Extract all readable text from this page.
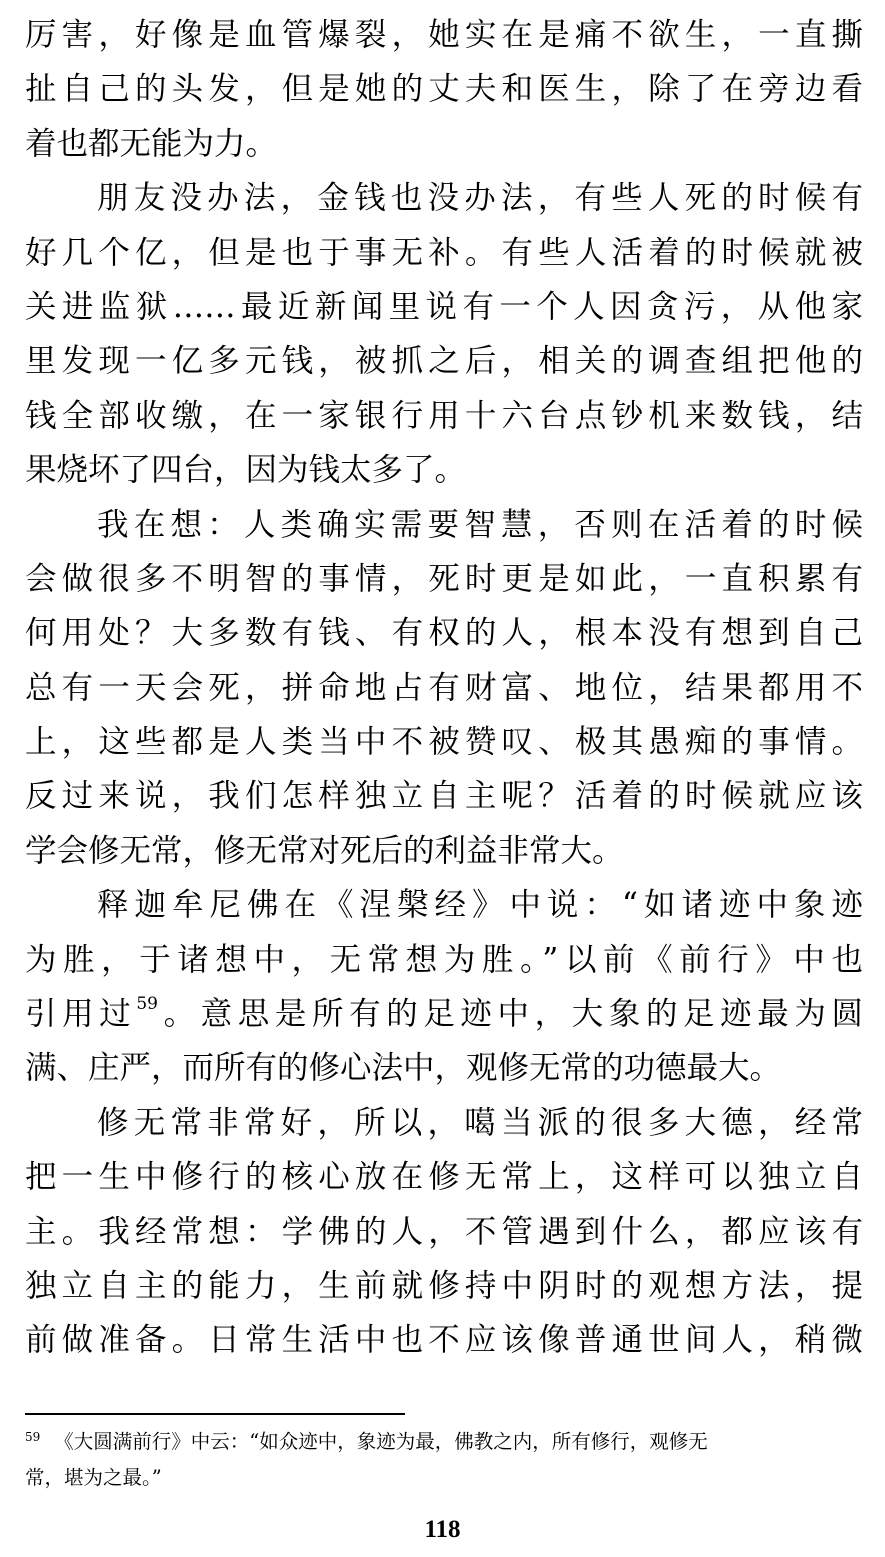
厉害，好像是血管爆裂，她实在是痛不欲生，一直撕
扯自己的头发，但是她的丈夫和医生，除了在旁边看
着也都无能为力。
朋友没办法，金钱也没办法，有些人死的时候有
好几个亿，但是也于事无补。有些人活着的时候就被
关进监狱……最近新闻里说有一个人因贪污，从他家
里发现一亿多元钱，被抓之后，相关的调查组把他的
钱全部收缴，在一家银行用十六台点钞机来数钱，结
果烧坏了四台，因为钱太多了。
我在想：人类确实需要智慧，否则在活着的时候
会做很多不明智的事情，死时更是如此，一直积累有
何用处？大多数有钱、有权的人，根本没有想到自己
总有一天会死，拼命地占有财富、地位，结果都用不
上，这些都是人类当中不被赞叹、极其愚痴的事情。
反过来说，我们怎样独立自主呢？活着的时候就应该
学会修无常，修无常对死后的利益非常大。
释迦牟尼佛在《涅槃经》中说：“如诸迹中象迹
为胜，于诸想中，无常想为胜。”以前《前行》中也
引用过$^{59}$。意思是所有的足迹中，大象的足迹最为圆
满、庄严，而所有的修心法中，观修无常的功德最大。
修无常非常好，所以，噶当派的很多大德，经常
把一生中修行的核心放在修无常上，这样可以独立自
主。我经常想：学佛的人，不管遇到什么，都应该有
独立自主的能力，生前就修持中阴时的观想方法，提
前做准备。日常生活中也不应该像普通世间人，稍微
$^{59}$ 《大圆满前行》中云：“如众迹中，象迹为最，佛教之内，所有修行，观修无
常，堪为之最。”
118
